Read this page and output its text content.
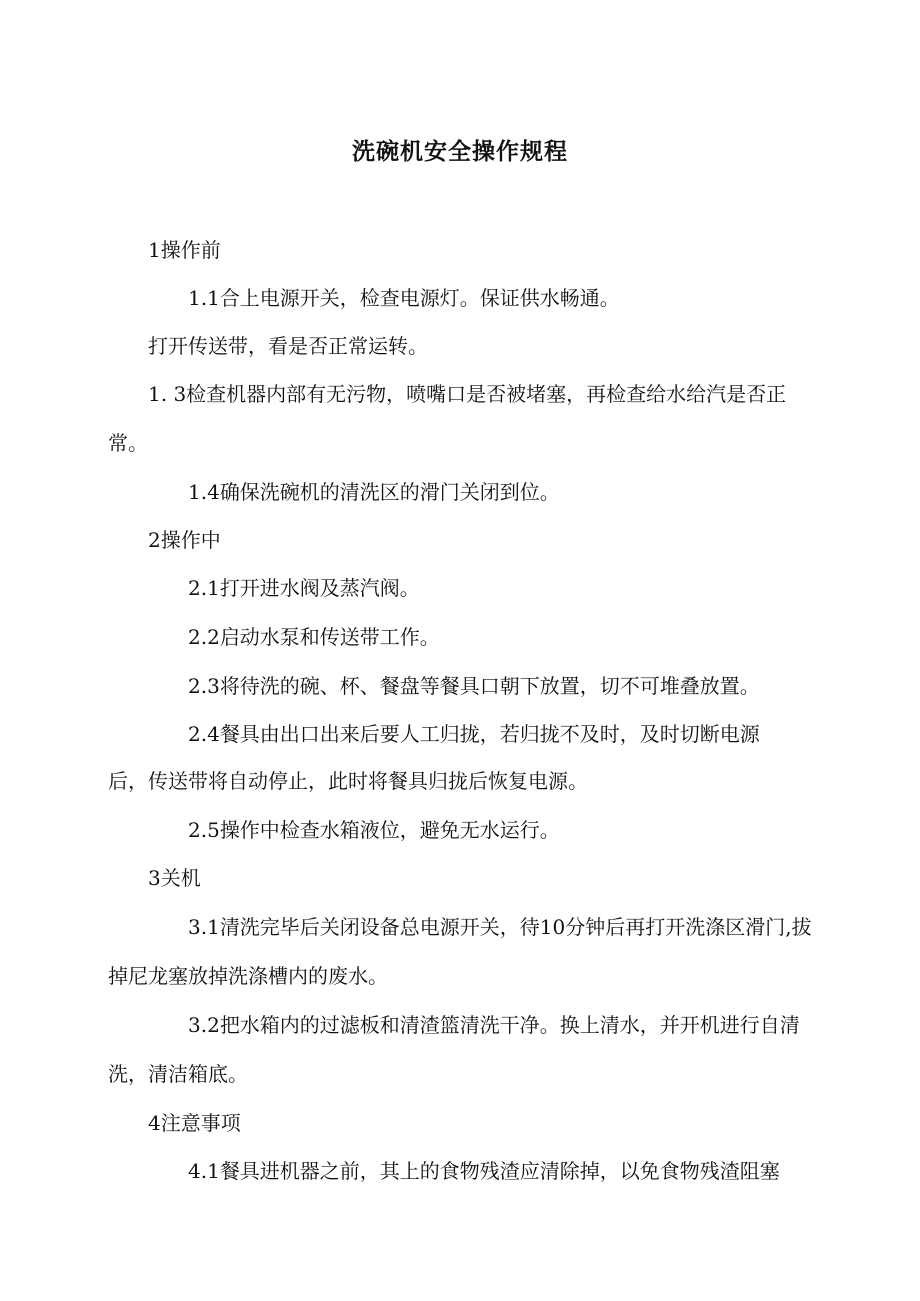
洗碗机安全操作规程

1操作前

1.1合上电源开关，检查电源灯。保证供水畅通。

打开传送带，看是否正常运转。

1. 3检查机器内部有无污物，喷嘴口是否被堵塞，再检查给水给汽是否正常。

1.4确保洗碗机的清洗区的滑门关闭到位。

2操作中

2.1打开进水阀及蒸汽阀。

2.2启动水泵和传送带工作。

2.3将待洗的碗、杯、餐盘等餐具口朝下放置，切不可堆叠放置。

2.4餐具由出口出来后要人工归拢，若归拢不及时，及时切断电源

后，传送带将自动停止，此时将餐具归拢后恢复电源。

2.5操作中检查水箱液位，避免无水运行。

3关机

3.1清洗完毕后关闭设备总电源开关，待10分钟后再打开洗涤区滑门,拔掉尼龙塞放掉洗涤槽内的废水。

3.2把水箱内的过滤板和清渣篮清洗干净。换上清水，并开机进行自清洗，清洁箱底。

4注意事项

4.1餐具进机器之前，其上的食物残渣应清除掉，以免食物残渣阻塞
